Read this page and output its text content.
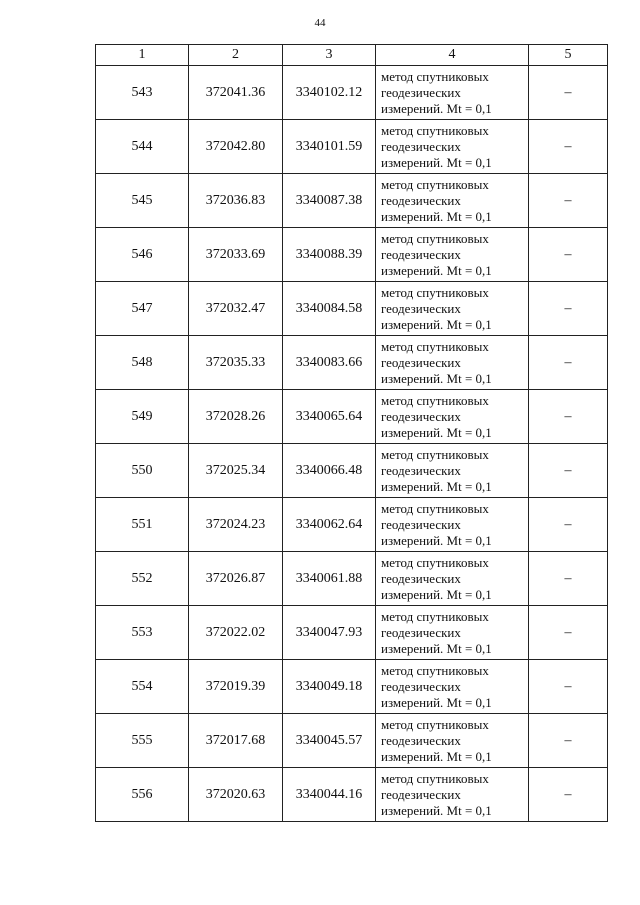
44
1	2	3	4	5
543	372041.36	3340102.12	метод спутниковых
геодезических
измерений. Mt = 0,1	–
544	372042.80	3340101.59	метод спутниковых
геодезических
измерений. Mt = 0,1	–
545	372036.83	3340087.38	метод спутниковых
геодезических
измерений. Mt = 0,1	–
546	372033.69	3340088.39	метод спутниковых
геодезических
измерений. Mt = 0,1	–
547	372032.47	3340084.58	метод спутниковых
геодезических
измерений. Mt = 0,1	–
548	372035.33	3340083.66	метод спутниковых
геодезических
измерений. Mt = 0,1	–
549	372028.26	3340065.64	метод спутниковых
геодезических
измерений. Mt = 0,1	–
550	372025.34	3340066.48	метод спутниковых
геодезических
измерений. Mt = 0,1	–
551	372024.23	3340062.64	метод спутниковых
геодезических
измерений. Mt = 0,1	–
552	372026.87	3340061.88	метод спутниковых
геодезических
измерений. Mt = 0,1	–
553	372022.02	3340047.93	метод спутниковых
геодезических
измерений. Mt = 0,1	–
554	372019.39	3340049.18	метод спутниковых
геодезических
измерений. Mt = 0,1	–
555	372017.68	3340045.57	метод спутниковых
геодезических
измерений. Mt = 0,1	–
556	372020.63	3340044.16	метод спутниковых
геодезических
измерений. Mt = 0,1	–
